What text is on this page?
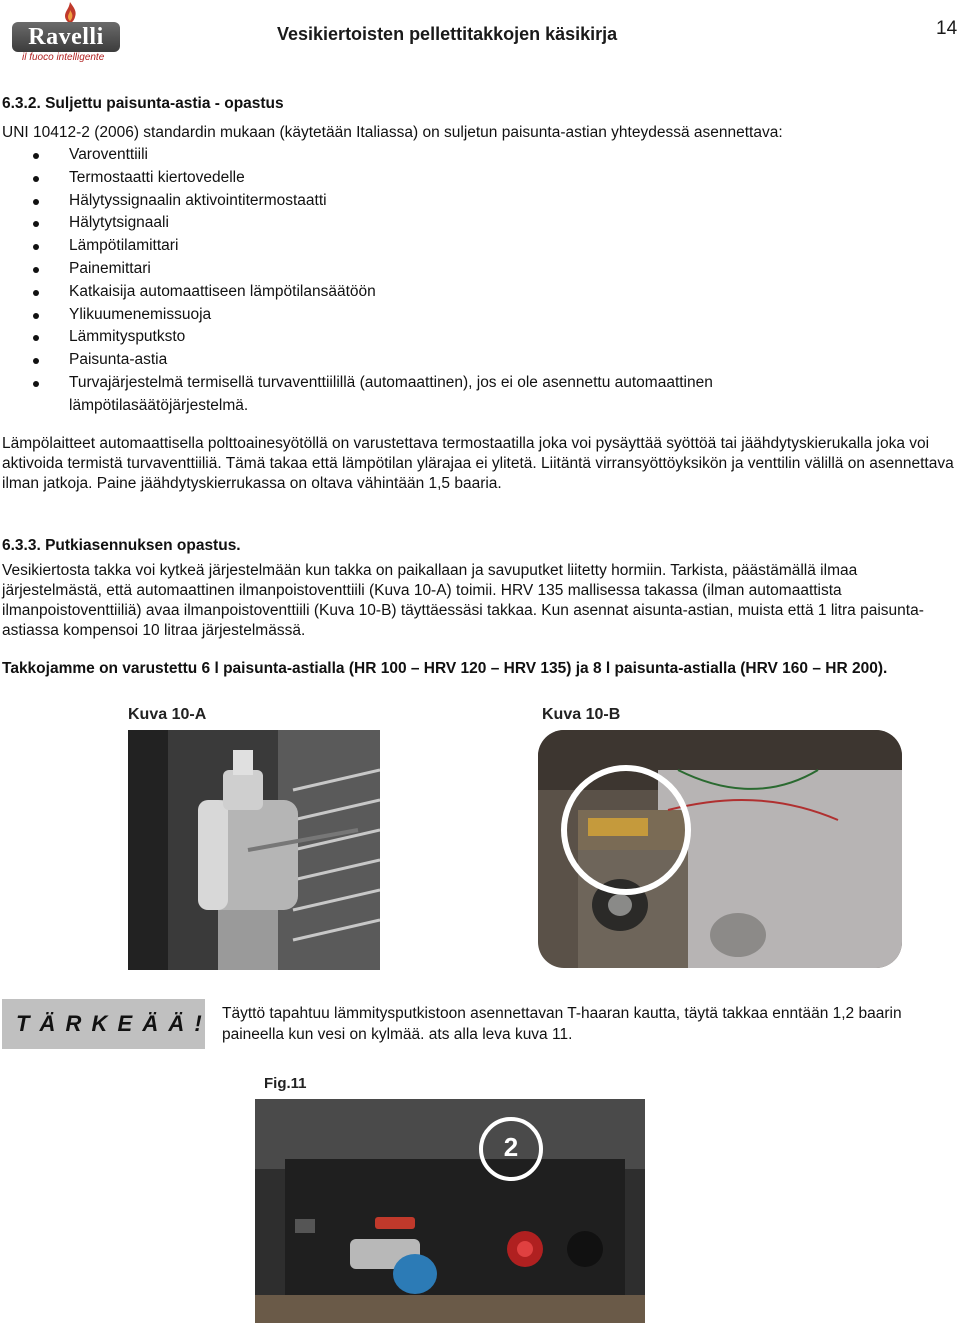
Ravelli
il fuoco intelligente
Vesikiertoisten pellettitakkojen käsikirja	14
6.3.2. Suljettu paisunta-astia - opastus
UNI 10412-2 (2006) standardin mukaan (käytetään Italiassa) on suljetun paisunta-astian yhteydessä asennettava:
Varoventtiili
Termostaatti kiertovedelle
Hälytyssignaalin aktivointitermostaatti
Hälytytsignaali
Lämpötilamittari
Painemittari
Katkaisija automaattiseen lämpötilansäätöön
Ylikuumenemissuoja
Lämmitysputksto
Paisunta-astia
Turvajärjestelmä termisellä turvaventtiilillä (automaattinen), jos ei ole asennettu automaattinen lämpötilasäätöjärjestelmä.
Lämpölaitteet automaattisella polttoainesyötöllä on varustettava termostaatilla joka voi pysäyttää syöttöä tai jäähdytyskierukalla joka voi aktivoida termistä turvaventtiiliä. Tämä takaa että lämpötilan ylärajaa ei ylitetä. Liitäntä virransyöttöyksikön ja venttilin välillä on asennettava ilman jatkoja. Paine jäähdytyskierrukassa on oltava vähintään 1,5 baaria.
6.3.3. Putkiasennuksen opastus.
Vesikiertosta takka voi kytkeä järjestelmään kun takka on paikallaan ja savuputket liitetty hormiin. Tarkista, päästämällä ilmaa järjestelmästä, että automaattinen ilmanpoistoventtiili (Kuva 10-A) toimii. HRV 135 mallisessa takassa (ilman automaattista ilmanpoistoventtiiliä) avaa ilmanpoistoventtiili (Kuva 10-B) täyttäessäsi takkaa. Kun asennat aisunta-astian, muista että 1 litra paisunta-astiassa kompensoi 10 litraa järjestelmässä.
Takkojamme on varustettu 6 l paisunta-astialla (HR 100 – HRV 120 – HRV 135) ja 8 l paisunta-astialla (HRV 160 – HR 200).
Kuva 10-A	Kuva 10-B
T Ä R K E Ä Ä ! Täyttö tapahtuu lämmitysputkistoon asennettavan T-haaran kautta, täytä takkaa enntään 1,2 baarin paineella kun vesi on kylmää. ats alla leva kuva 11.
Fig.11
2
